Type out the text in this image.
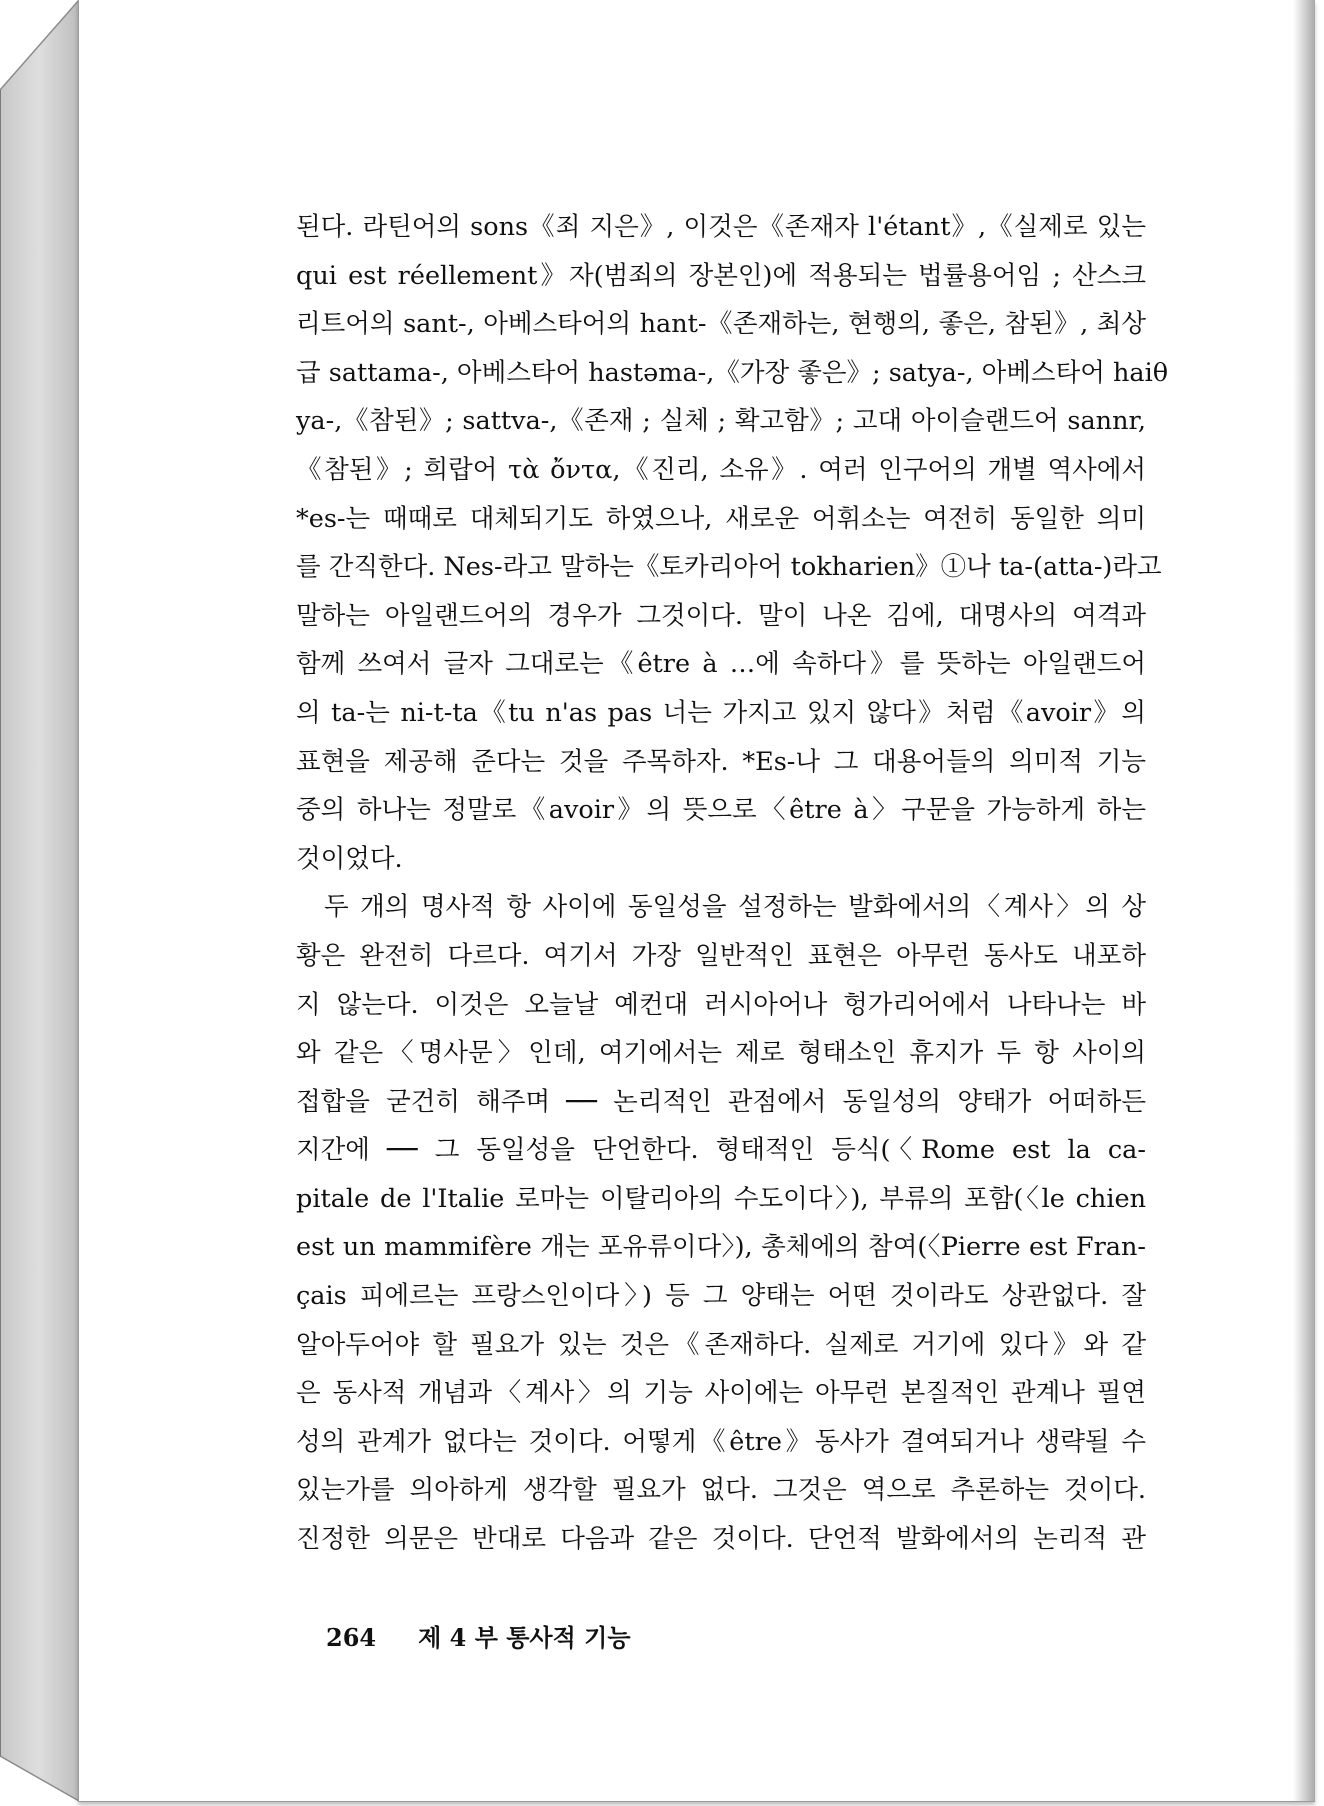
된다. 라틴어의 sons《죄 지은》, 이것은《존재자 l'étant》,《실제로 있는
qui est réellement》자(범죄의 장본인)에 적용되는 법률용어임 ; 산스크
리트어의 sant-, 아베스타어의 hant-《존재하는, 현행의, 좋은, 참된》, 최상
급 sattama-, 아베스타어 hastəma-,《가장 좋은》; satya-, 아베스타어 haiθ
ya-,《참된》; sattva-,《존재 ; 실체 ; 확고함》; 고대 아이슬랜드어 sannr,
《참된》; 희랍어 τὰ ὄντα,《진리, 소유》. 여러 인구어의 개별 역사에서
*es-는 때때로 대체되기도 하였으나, 새로운 어휘소는 여전히 동일한 의미
를 간직한다. Nes-라고 말하는《토카리아어 tokharien》①나 ta-(atta-)라고
말하는 아일랜드어의 경우가 그것이다. 말이 나온 김에, 대명사의 여격과
함께 쓰여서 글자 그대로는《être à …에 속하다》를 뜻하는 아일랜드어
의 ta-는 ni-t-ta《tu n'as pas 너는 가지고 있지 않다》처럼《avoir》의
표현을 제공해 준다는 것을 주목하자. *Es-나 그 대용어들의 의미적 기능
중의 하나는 정말로《avoir》의 뜻으로〈être à〉구문을 가능하게 하는
것이었다.
두 개의 명사적 항 사이에 동일성을 설정하는 발화에서의〈계사〉의 상
황은 완전히 다르다. 여기서 가장 일반적인 표현은 아무런 동사도 내포하
지 않는다. 이것은 오늘날 예컨대 러시아어나 헝가리어에서 나타나는 바
와 같은〈명사문〉인데, 여기에서는 제로 형태소인 휴지가 두 항 사이의
접합을 굳건히 해주며 ── 논리적인 관점에서 동일성의 양태가 어떠하든
지간에 ── 그 동일성을 단언한다. 형태적인 등식(〈Rome est la ca-
pitale de l'Italie 로마는 이탈리아의 수도이다〉), 부류의 포함(〈le chien
est un mammifère 개는 포유류이다〉), 총체에의 참여(〈Pierre est Fran-
çais 피에르는 프랑스인이다〉) 등 그 양태는 어떤 것이라도 상관없다. 잘
알아두어야 할 필요가 있는 것은《존재하다. 실제로 거기에 있다》와 같
은 동사적 개념과〈계사〉의 기능 사이에는 아무런 본질적인 관계나 필연
성의 관계가 없다는 것이다. 어떻게《être》동사가 결여되거나 생략될 수
있는가를 의아하게 생각할 필요가 없다. 그것은 역으로 추론하는 것이다.
진정한 의문은 반대로 다음과 같은 것이다. 단언적 발화에서의 논리적 관
264 제 4 부 통사적 기능
